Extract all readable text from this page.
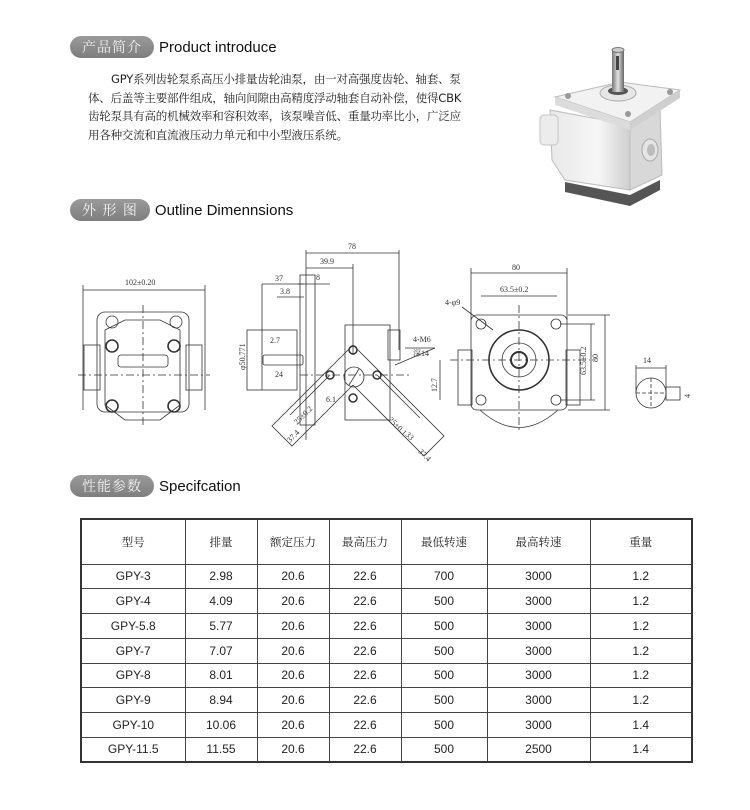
产品简介	Product introduce

GPY系列齿轮泵系高压小排量齿轮油泵，由一对高强度齿轮、轴套、泵体、后盖等主要部件组成，轴向间隙由高精度浮动轴套自动补偿，使得CBK齿轮泵具有高的机械效率和容积效率，该泵噪音低、重量功率比小，广泛应用各种交流和直流液压动力单元和中小型液压系统。

外 形 图	Outline Dimennsions
102±0.20
78
39.9
37	8
3.8
2.7
24
φ50.771
4-M6
深14
6.1
37.4
25±0.2	25±0.1
33
37.4
80
63.5±0.2
4-φ9
80
63.5±0.2
12.7
14
4
性能参数	Specifcation
型号	排量	额定压力	最高压力	最低转速	最高转速	重量
GPY-3	2.98	20.6	22.6	700	3000	1.2
GPY-4	4.09	20.6	22.6	500	3000	1.2
GPY-5.8	5.77	20.6	22.6	500	3000	1.2
GPY-7	7.07	20.6	22.6	500	3000	1.2
GPY-8	8.01	20.6	22.6	500	3000	1.2
GPY-9	8.94	20.6	22.6	500	3000	1.2
GPY-10	10.06	20.6	22.6	500	3000	1.4
GPY-11.5	11.55	20.6	22.6	500	2500	1.4
